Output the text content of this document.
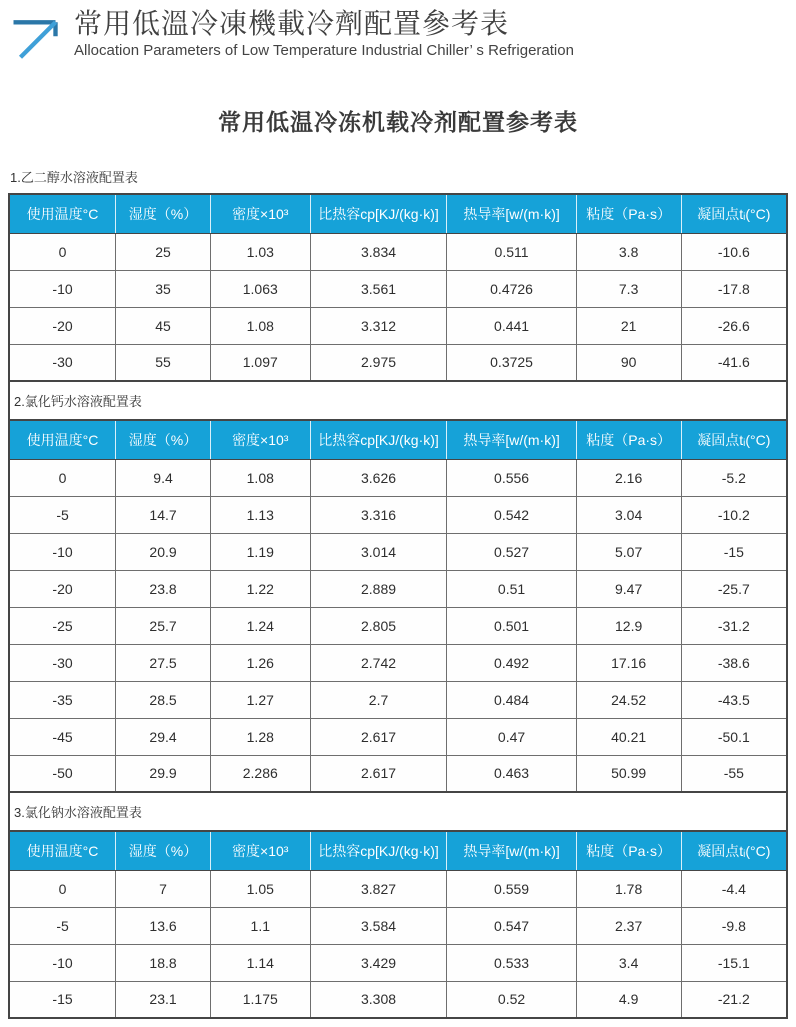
常用低溫冷凍機載冷劑配置參考表

Allocation Parameters of Low Temperature Industrial Chiller’ s Refrigeration

常用低温冷冻机载冷剂配置参考表
1.乙二醇水溶液配置表
使用温度°C	湿度（%）	密度×10³	比热容cp[KJ/(kg·k)]	热导率[w/(m·k)]	粘度（Pa·s）	凝固点tᵢ(°C)
0	25	1.03	3.834	0.511	3.8	-10.6
-10	35	1.063	3.561	0.4726	7.3	-17.8
-20	45	1.08	3.312	0.441	21	-26.6
-30	55	1.097	2.975	0.3725	90	-41.6
2.氯化钙水溶液配置表
使用温度°C	湿度（%）	密度×10³	比热容cp[KJ/(kg·k)]	热导率[w/(m·k)]	粘度（Pa·s）	凝固点tᵢ(°C)
0	9.4	1.08	3.626	0.556	2.16	-5.2
-5	14.7	1.13	3.316	0.542	3.04	-10.2
-10	20.9	1.19	3.014	0.527	5.07	-15
-20	23.8	1.22	2.889	0.51	9.47	-25.7
-25	25.7	1.24	2.805	0.501	12.9	-31.2
-30	27.5	1.26	2.742	0.492	17.16	-38.6
-35	28.5	1.27	2.7	0.484	24.52	-43.5
-45	29.4	1.28	2.617	0.47	40.21	-50.1
-50	29.9	2.286	2.617	0.463	50.99	-55
3.氯化钠水溶液配置表
使用温度°C	湿度（%）	密度×10³	比热容cp[KJ/(kg·k)]	热导率[w/(m·k)]	粘度（Pa·s）	凝固点tᵢ(°C)
0	7	1.05	3.827	0.559	1.78	-4.4
-5	13.6	1.1	3.584	0.547	2.37	-9.8
-10	18.8	1.14	3.429	0.533	3.4	-15.1
-15	23.1	1.175	3.308	0.52	4.9	-21.2
